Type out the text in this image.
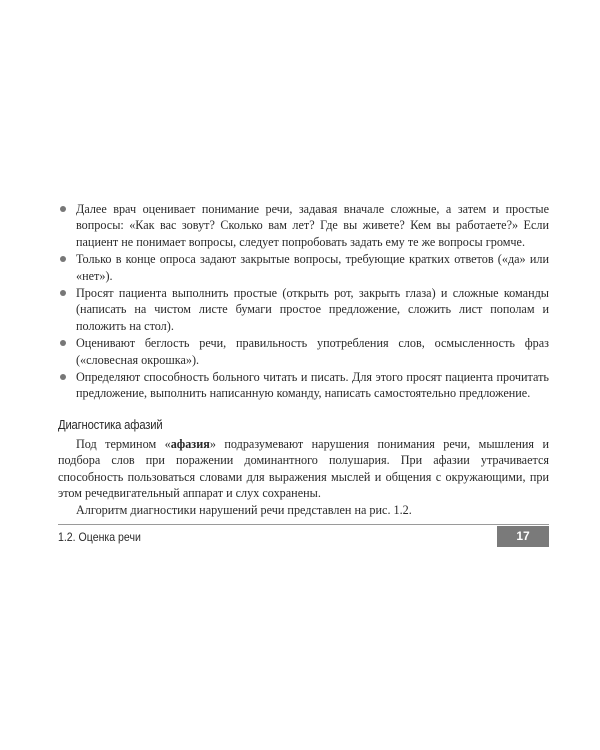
Далее врач оценивает понимание речи, задавая вначале сложные, а затем и простые вопросы: «Как вас зовут? Сколько вам лет? Где вы живете? Кем вы работаете?» Если пациент не понимает вопросы, следует попробовать задать ему те же вопросы громче.
Только в конце опроса задают закрытые вопросы, требующие кратких ответов («да» или «нет»).
Просят пациента выполнить простые (открыть рот, закрыть глаза) и сложные команды (написать на чистом листе бумаги простое предложение, сложить лист пополам и положить на стол).
Оценивают беглость речи, правильность употребления слов, осмысленность фраз («словесная окрошка»).
Определяют способность больного читать и писать. Для этого просят пациента прочитать предложение, выполнить написанную команду, написать самостоятельно предложение.
Диагностика афазий

Под термином «афазия» подразумевают нарушения понимания речи, мышления и подбора слов при поражении доминантного полушария. При афазии утрачивается способность пользоваться словами для выражения мыслей и общения с окружающими, при этом речедвигательный аппарат и слух сохранены.

Алгоритм диагностики нарушений речи представлен на рис. 1.2.

1.2. Оценка речи	17
